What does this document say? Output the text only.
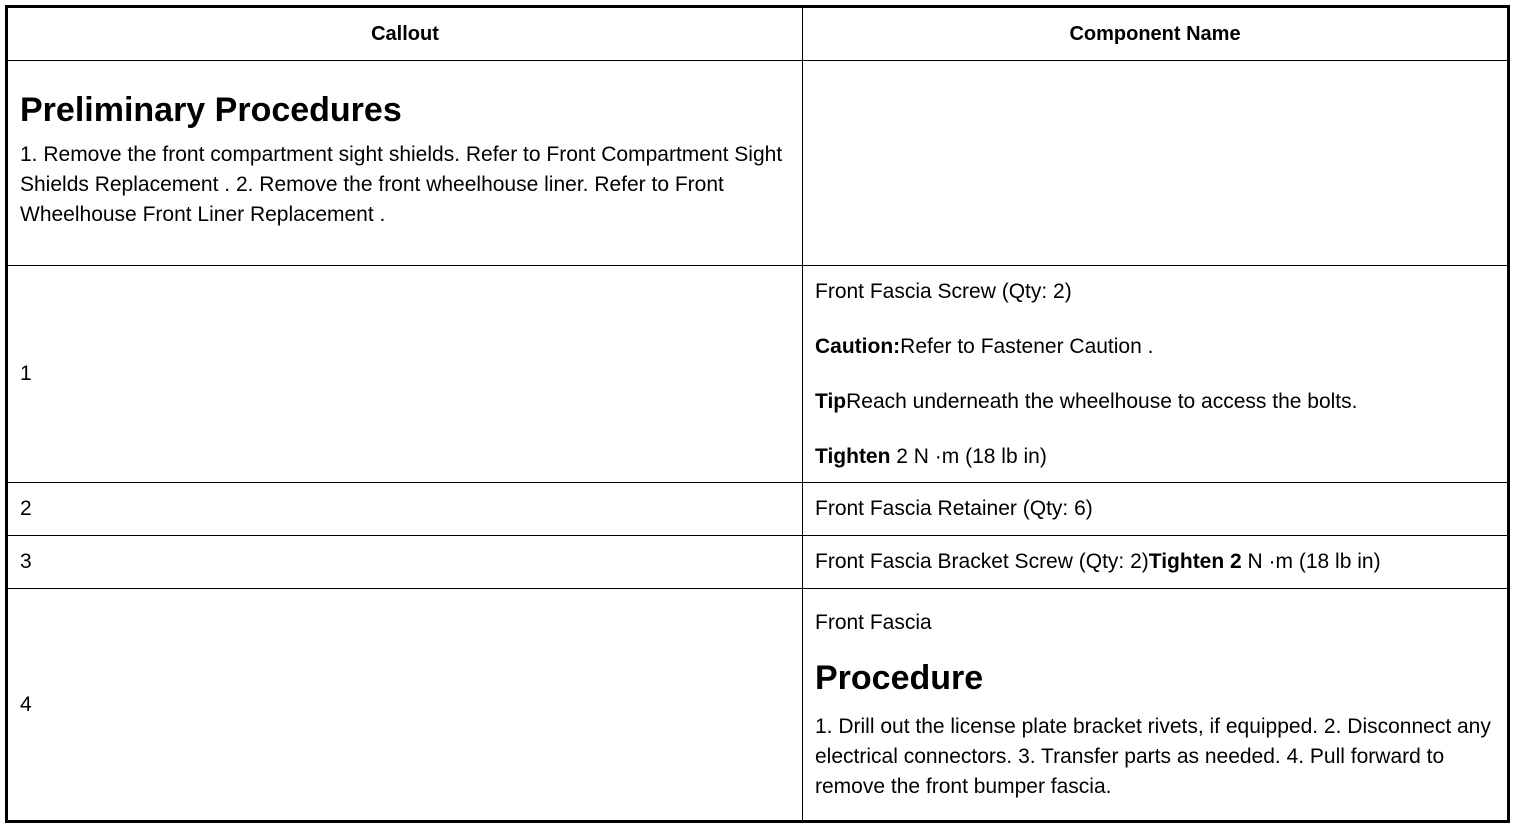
Callout	Component Name

Preliminary Procedures

1. Remove the front compartment sight shields. Refer to Front Compartment Sight Shields Replacement . 2. Remove the front wheelhouse liner. Refer to Front Wheelhouse Front Liner Replacement .	

1	Front Fascia Screw (Qty: 2)

Caution:Refer to Fastener Caution .

TipReach underneath the wheelhouse to access the bolts.

Tighten 2 N ·m (18 lb in)

2	Front Fascia Retainer (Qty: 6)
3	Front Fascia Bracket Screw (Qty: 2)Tighten 2 N ·m (18 lb in)
4	Front Fascia

Procedure

1. Drill out the license plate bracket rivets, if equipped. 2. Disconnect any electrical connectors. 3. Transfer parts as needed. 4. Pull forward to remove the front bumper fascia.
